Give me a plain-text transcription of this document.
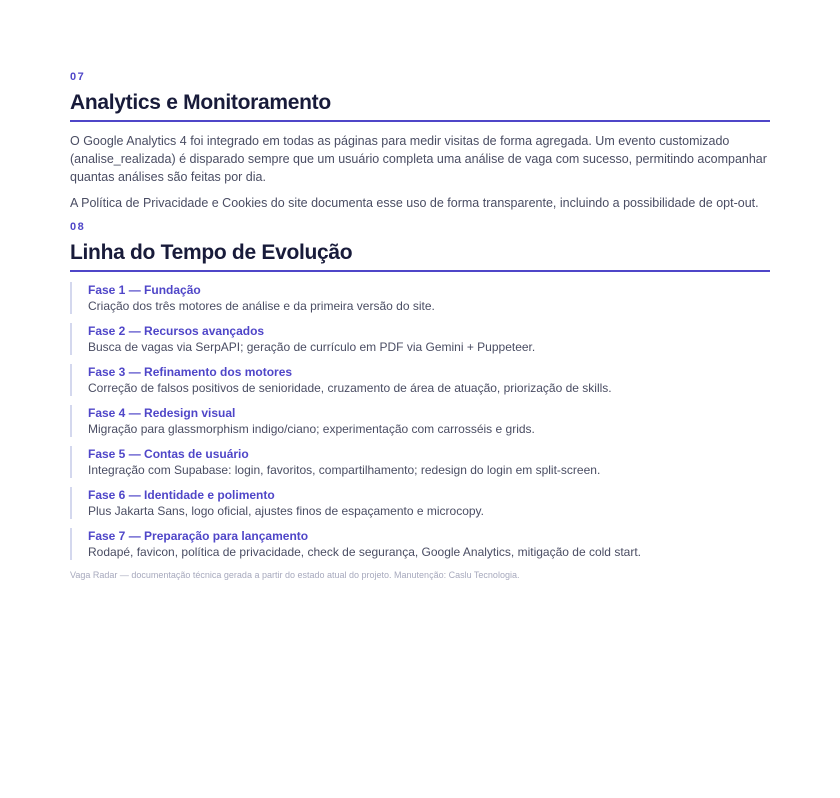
07
Analytics e Monitoramento

O Google Analytics 4 foi integrado em todas as páginas para medir visitas de forma agregada. Um evento customizado (analise_realizada) é disparado sempre que um usuário completa uma análise de vaga com sucesso, permitindo acompanhar quantas análises são feitas por dia.

A Política de Privacidade e Cookies do site documenta esse uso de forma transparente, incluindo a possibilidade de opt-out.

08
Linha do Tempo de Evolução
Fase 1 — Fundação
Criação dos três motores de análise e da primeira versão do site.
Fase 2 — Recursos avançados
Busca de vagas via SerpAPI; geração de currículo em PDF via Gemini + Puppeteer.
Fase 3 — Refinamento dos motores
Correção de falsos positivos de senioridade, cruzamento de área de atuação, priorização de skills.
Fase 4 — Redesign visual
Migração para glassmorphism indigo/ciano; experimentação com carrosséis e grids.
Fase 5 — Contas de usuário
Integração com Supabase: login, favoritos, compartilhamento; redesign do login em split-screen.
Fase 6 — Identidade e polimento
Plus Jakarta Sans, logo oficial, ajustes finos de espaçamento e microcopy.
Fase 7 — Preparação para lançamento
Rodapé, favicon, política de privacidade, check de segurança, Google Analytics, mitigação de cold start.
Vaga Radar — documentação técnica gerada a partir do estado atual do projeto. Manutenção: Caslu Tecnologia.
